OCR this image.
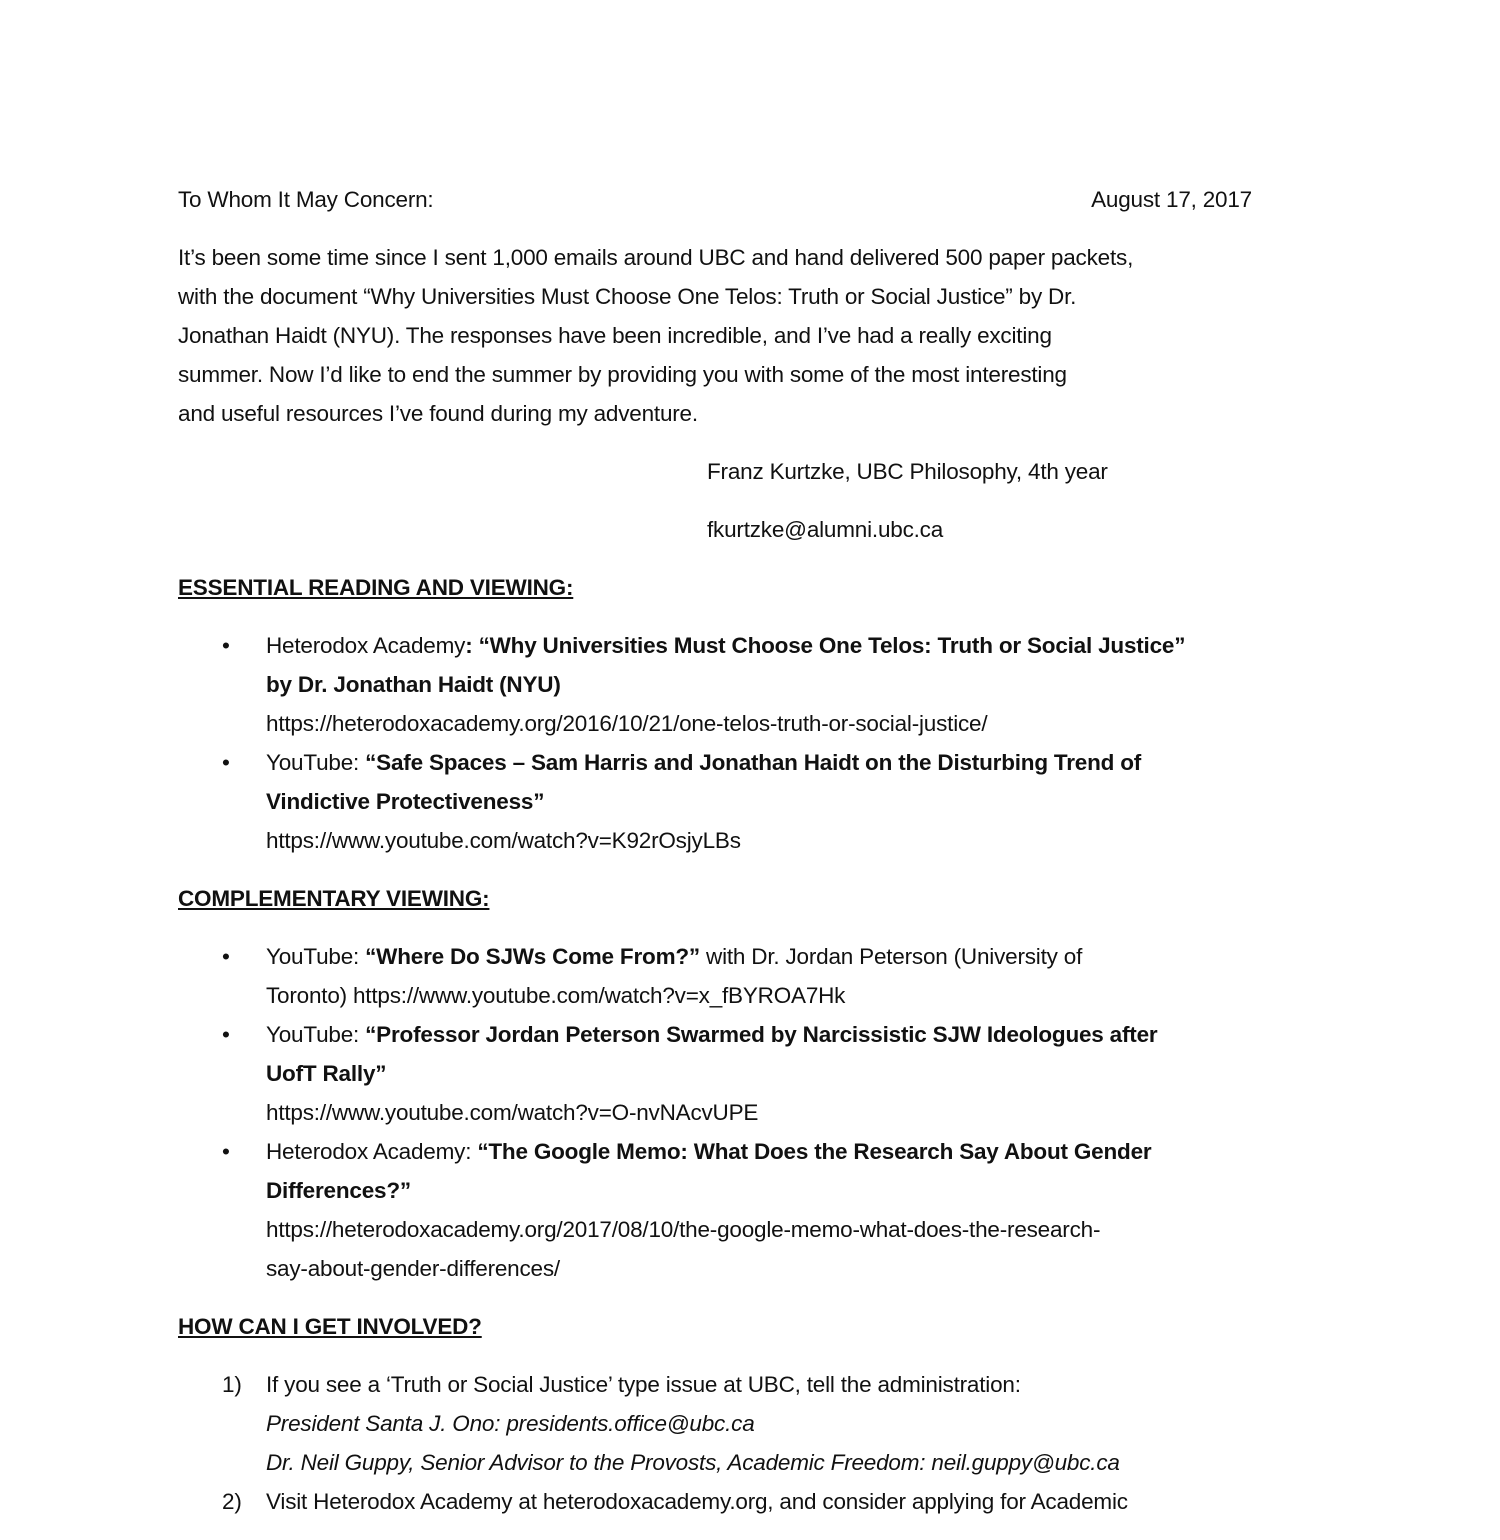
To Whom It May Concern:	August 17, 2017

It’s been some time since I sent 1,000 emails around UBC and hand delivered 500 paper packets,
with the document “Why Universities Must Choose One Telos: Truth or Social Justice” by Dr.
Jonathan Haidt (NYU). The responses have been incredible, and I’ve had a really exciting
summer. Now I’d like to end the summer by providing you with some of the most interesting
and useful resources I’ve found during my adventure.

Franz Kurtzke, UBC Philosophy, 4th year
fkurtzke@alumni.ubc.ca
ESSENTIAL READING AND VIEWING:
• Heterodox Academy: “Why Universities Must Choose One Telos: Truth or Social Justice”
by Dr. Jonathan Haidt (NYU)
https://heterodoxacademy.org/2016/10/21/one-telos-truth-or-social-justice/
• YouTube: “Safe Spaces – Sam Harris and Jonathan Haidt on the Disturbing Trend of
Vindictive Protectiveness”
https://www.youtube.com/watch?v=K92rOsjyLBs
COMPLEMENTARY VIEWING:
• YouTube: “Where Do SJWs Come From?” with Dr. Jordan Peterson (University of
Toronto) https://www.youtube.com/watch?v=x_fBYROA7Hk
• YouTube: “Professor Jordan Peterson Swarmed by Narcissistic SJW Ideologues after
UofT Rally”
https://www.youtube.com/watch?v=O-nvNAcvUPE
• Heterodox Academy: “The Google Memo: What Does the Research Say About Gender
Differences?”
https://heterodoxacademy.org/2017/08/10/the-google-memo-what-does-the-research-
say-about-gender-differences/
HOW CAN I GET INVOLVED?
1) If you see a ‘Truth or Social Justice’ type issue at UBC, tell the administration:
President Santa J. Ono: presidents.office@ubc.ca
Dr. Neil Guppy, Senior Advisor to the Provosts, Academic Freedom: neil.guppy@ubc.ca
2) Visit Heterodox Academy at heterodoxacademy.org, and consider applying for Academic
